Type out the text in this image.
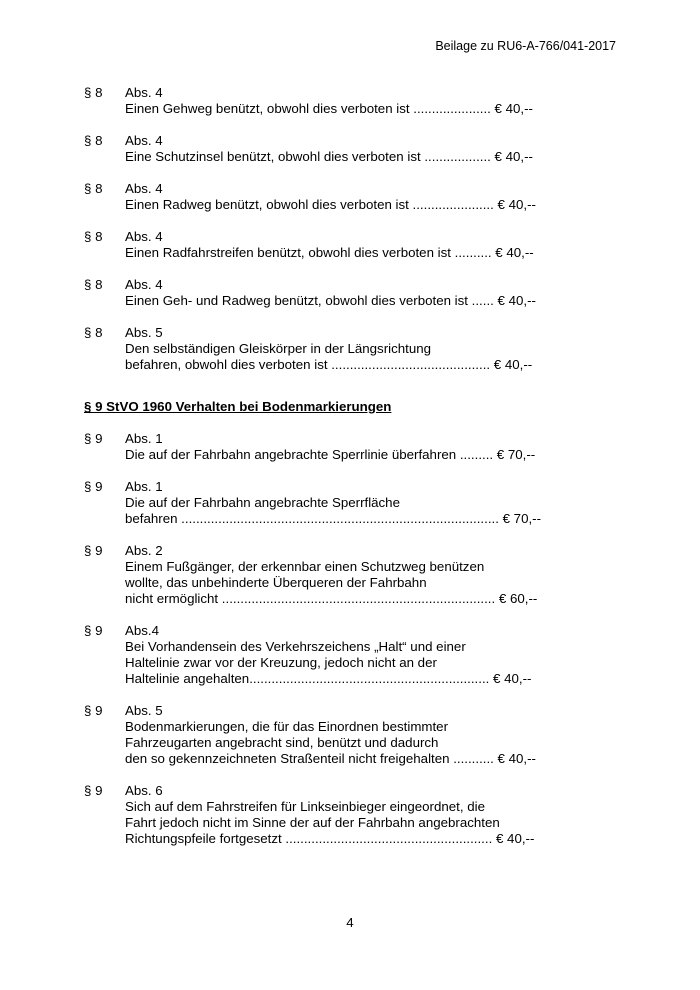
Beilage zu RU6-A-766/041-2017
§ 8	Abs. 4
Einen Gehweg benützt, obwohl dies verboten ist ..................... € 40,--
§ 8	Abs. 4
Eine Schutzinsel benützt, obwohl dies verboten ist .................. € 40,--
§ 8	Abs. 4
Einen Radweg benützt, obwohl dies verboten ist ...................... € 40,--
§ 8	Abs. 4
Einen Radfahrstreifen benützt, obwohl dies verboten ist .......... € 40,--
§ 8	Abs. 4
Einen Geh- und Radweg benützt, obwohl dies verboten ist ...... € 40,--
§ 8	Abs. 5
Den selbständigen Gleiskörper in der Längsrichtung
befahren, obwohl dies verboten ist ........................................... € 40,--
§ 9 StVO 1960 Verhalten bei Bodenmarkierungen
§ 9	Abs. 1
Die auf der Fahrbahn angebrachte Sperrlinie überfahren ......... € 70,--
§ 9	Abs. 1
Die auf der Fahrbahn angebrachte Sperrfläche
befahren ...................................................................................... € 70,--
§ 9	Abs. 2
Einem Fußgänger, der erkennbar einen Schutzweg benützen
wollte, das unbehinderte Überqueren der Fahrbahn
nicht ermöglicht .......................................................................... € 60,--
§ 9	Abs.4
Bei Vorhandensein des Verkehrszeichens „Halt“ und einer
Haltelinie zwar vor der Kreuzung, jedoch nicht an der
Haltelinie angehalten................................................................. € 40,--
§ 9	Abs. 5
Bodenmarkierungen, die für das Einordnen bestimmter
Fahrzeugarten angebracht sind, benützt und dadurch
den so gekennzeichneten Straßenteil nicht freigehalten ........... € 40,--
§ 9	Abs. 6
Sich auf dem Fahrstreifen für Linkseinbieger eingeordnet, die
Fahrt jedoch nicht im Sinne der auf der Fahrbahn angebrachten
Richtungspfeile fortgesetzt ........................................................ € 40,--
4
